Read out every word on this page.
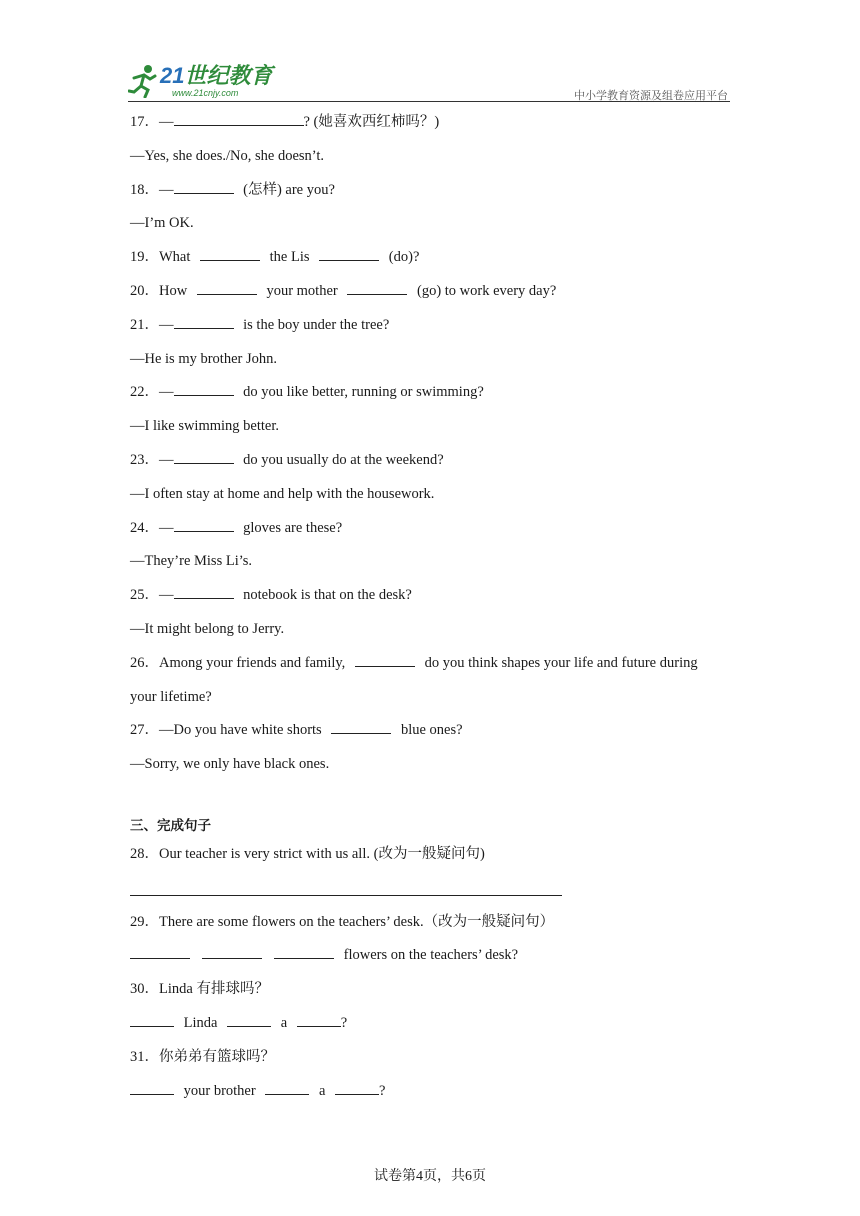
21世纪教育
www.21cnjy.com	中小学教育资源及组卷应用平台
17．—	? (她喜欢西红柿吗？)
—Yes, she does./No, she doesn’t.
18．—	(怎样) are you?
—I’m OK.
19．What	the Lis	(do)?
20．How	your mother	(go) to work every day?
21．—	is the boy under the tree?
—He is my brother John.
22．—	do you like better, running or swimming?
—I like swimming better.
23．—	do you usually do at the weekend?
—I often stay at home and help with the housework.
24．—	gloves are these?
—They’re Miss Li’s.
25．—	notebook is that on the desk?
—It might belong to Jerry.
26．Among your friends and family,	do you think shapes your life and future during
your lifetime?
27．—Do you have white shorts	blue ones?
—Sorry, we only have black ones.
三、完成句子
28．Our teacher is very strict with us all. (改为一般疑问句)
29．There are some flowers on the teachers’ desk.（改为一般疑问句）
flowers on the teachers’ desk?
30．Linda 有排球吗？
Linda	a	?
31．你弟弟有篮球吗？
your brother	a	?
试卷第4页，共6页
